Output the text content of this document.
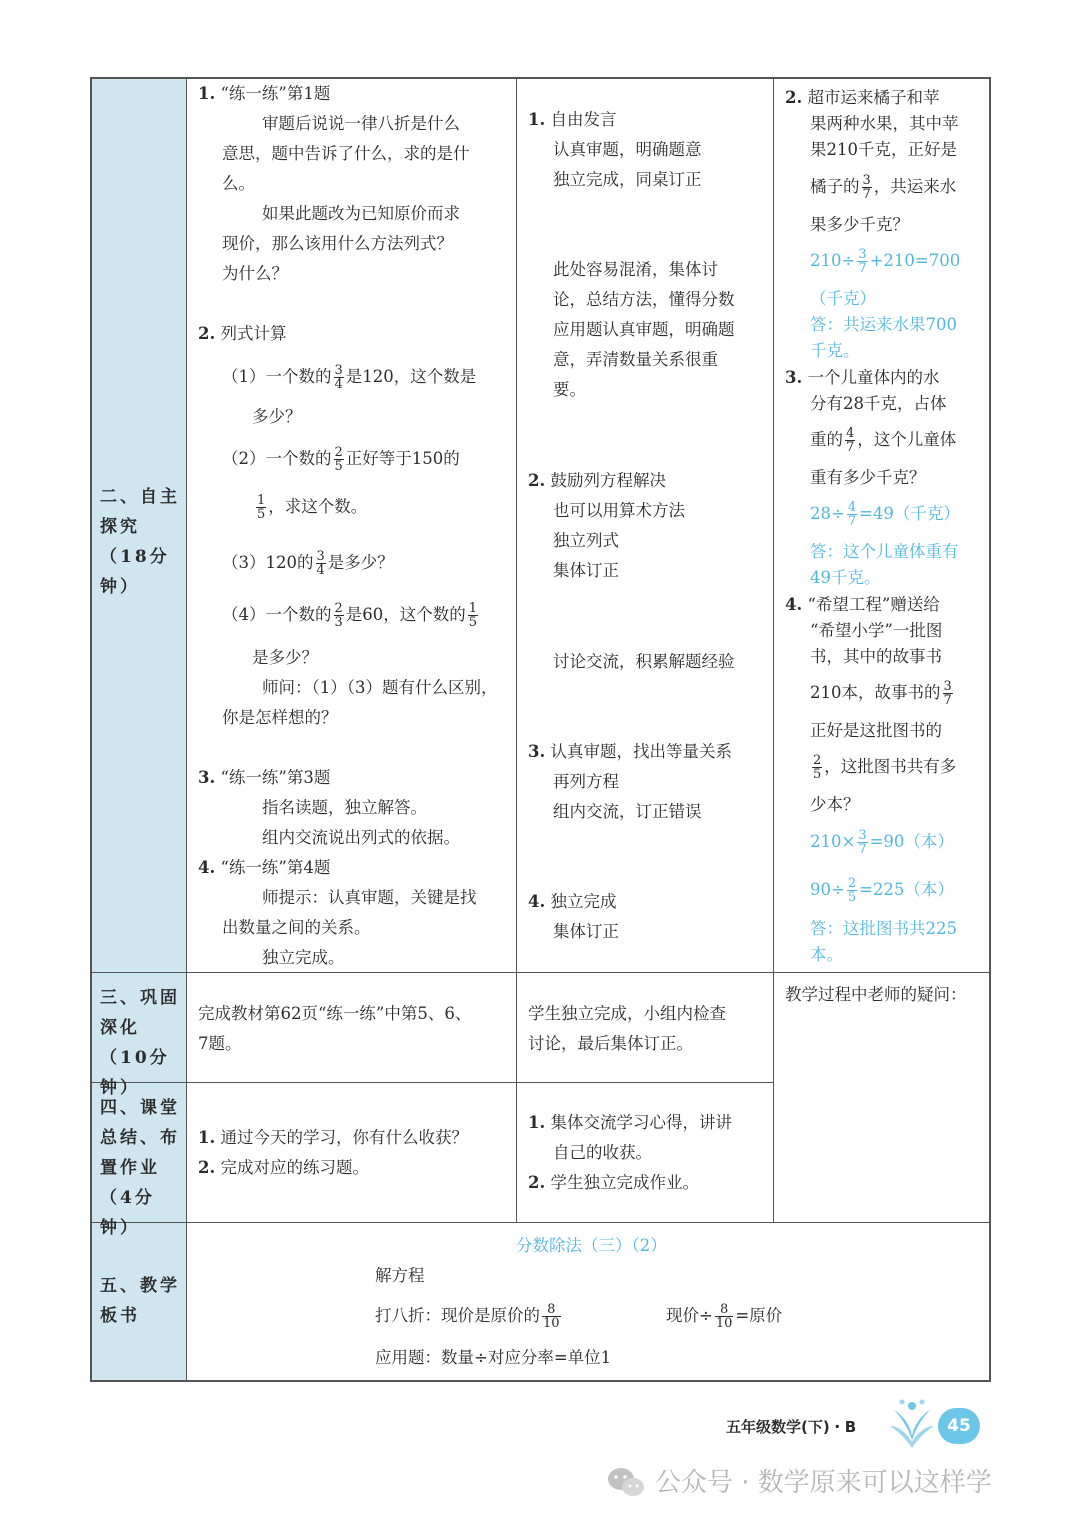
二、自主探究（18分钟）
三、巩固深化（10分钟）
四、课堂总结、布置作业（4分钟）
五、教学板书
1. “练一练”第1题
审题后说说一律八折是什么
意思，题中告诉了什么，求的是什
么。
如果此题改为已知原价而求
现价，那么该用什么方法列式？
为什么？
2. 列式计算
（1）一个数的 $\frac{3}{4}$ 是120，这个数是
多少？
（2）一个数的 $\frac{2}{5}$ 正好等于150的
$\frac{1}{5}$ ，求这个数。
（3）120的 $\frac{3}{4}$ 是多少？
（4）一个数的 $\frac{2}{3}$ 是60，这个数的 $\frac{1}{5}$
是多少？
师问：（1）（3）题有什么区别，
你是怎样想的？
3. “练一练”第3题
指名读题，独立解答。
组内交流说出列式的依据。
4. “练一练”第4题
师提示：认真审题，关键是找
出数量之间的关系。
独立完成。
1. 自由发言
认真审题，明确题意
独立完成，同桌订正
此处容易混淆，集体讨
论，总结方法，懂得分数
应用题认真审题，明确题
意，弄清数量关系很重
要。
2. 鼓励列方程解决
也可以用算术方法
独立列式
集体订正
讨论交流，积累解题经验
3. 认真审题，找出等量关系
再列方程
组内交流，订正错误
4. 独立完成
集体订正
2. 超市运来橘子和苹
果两种水果，其中苹
果210千克，正好是
橘子的 $\frac{3}{7}$ ，共运来水
果多少千克？
$210\div \frac{3}{7} +210=700$
（千克）
答：共运来水果700
千克。
3. 一个儿童体内的水
分有28千克，占体
重的 $\frac{4}{7}$ ，这个儿童体
重有多少千克？
$28\div \frac{4}{7} =49$（千克）
答：这个儿童体重有
49千克。
4. “希望工程”赠送给
“希望小学”一批图
书，其中的故事书
210本，故事书的 $\frac{3}{7}$
正好是这批图书的
$\frac{2}{5}$ ，这批图书共有多
少本？
$210\times \frac{3}{7} =90$（本）
$90\div \frac{2}{5} =225$（本）
答：这批图书共225
本。
完成教材第62页“练一练”中第5、6、
7题。
学生独立完成，小组内检查
讨论，最后集体订正。
教学过程中老师的疑问：
1. 通过今天的学习，你有什么收获？
2. 完成对应的练习题。
1. 集体交流学习心得，讲讲
自己的收获。
2. 学生独立完成作业。
分数除法（三）（2）
解方程
打八折：现价是原价的 $\frac{8}{10}$	现价÷ $\frac{8}{10}$ =原价
应用题：数量÷对应分率=单位1
五年级数学(下)・B	45
公众号 · 数学原来可以这样学
